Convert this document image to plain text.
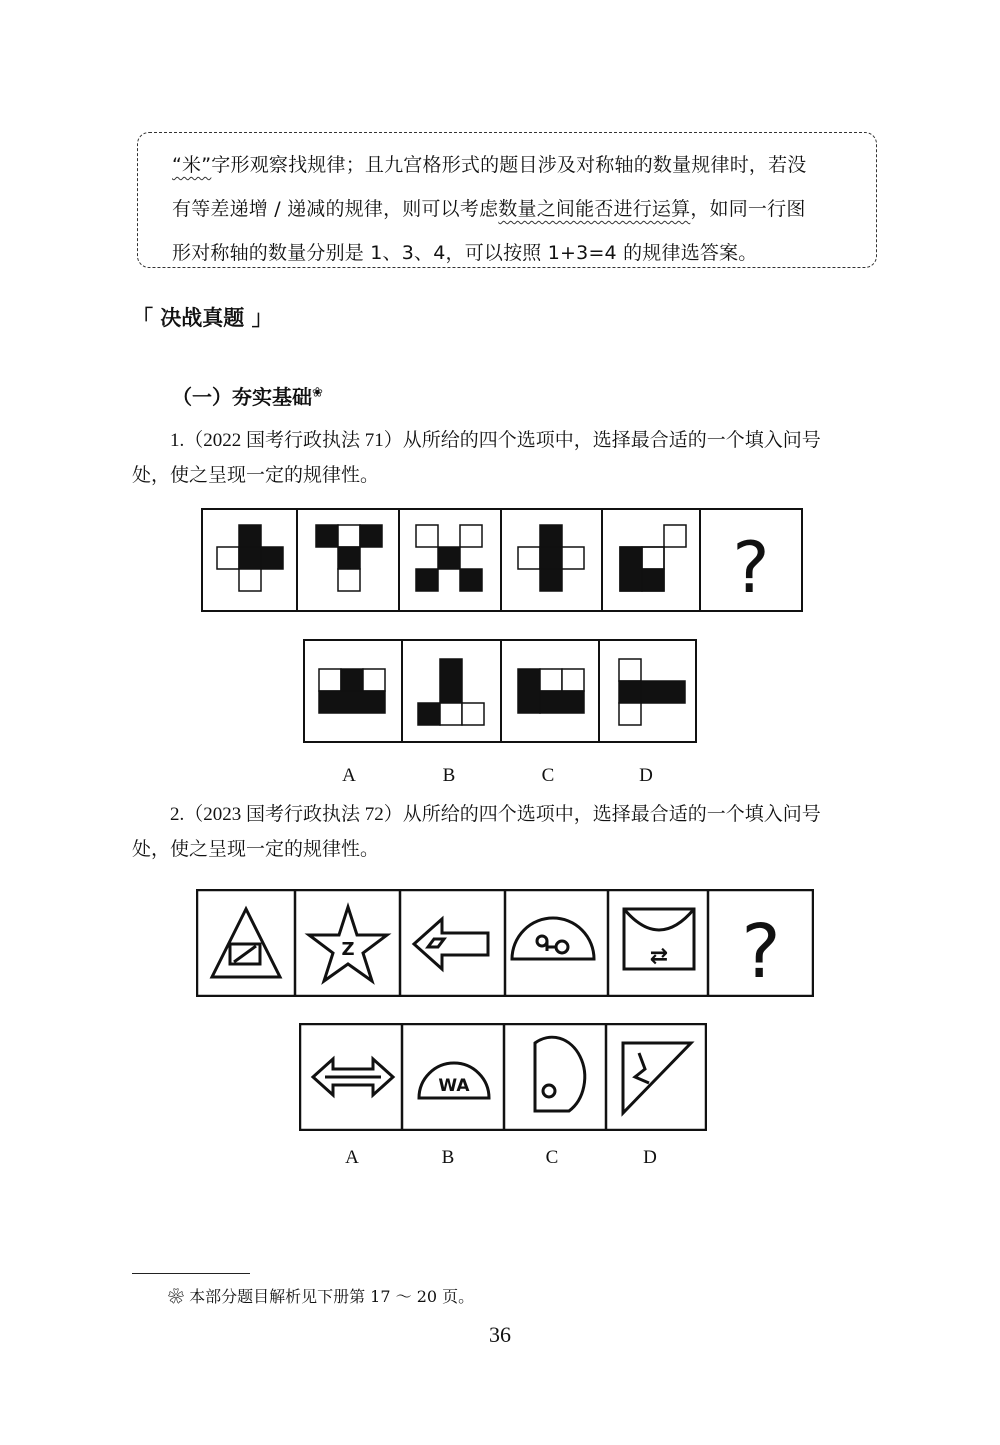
“米”字形观察找规律；且九宫格形式的题目涉及对称轴的数量规律时，若没
有等差递增 / 递减的规律，则可以考虑数量之间能否进行运算，如同一行图
形对称轴的数量分别是 1、3、4，可以按照 1+3=4 的规律选答案。
「 决战真题 」
（一）夯实基础❀
1.（2022 国考行政执法 71）从所给的四个选项中，选择最合适的一个填入问号
处，使之呈现一定的规律性。
?
A	B	C	D
2.（2023 国考行政执法 72）从所给的四个选项中，选择最合适的一个填入问号
处，使之呈现一定的规律性。
Z	⇄ ?
WA
A	B	C	D
❀ 本部分题目解析见下册第 17 ～ 20 页。
36
